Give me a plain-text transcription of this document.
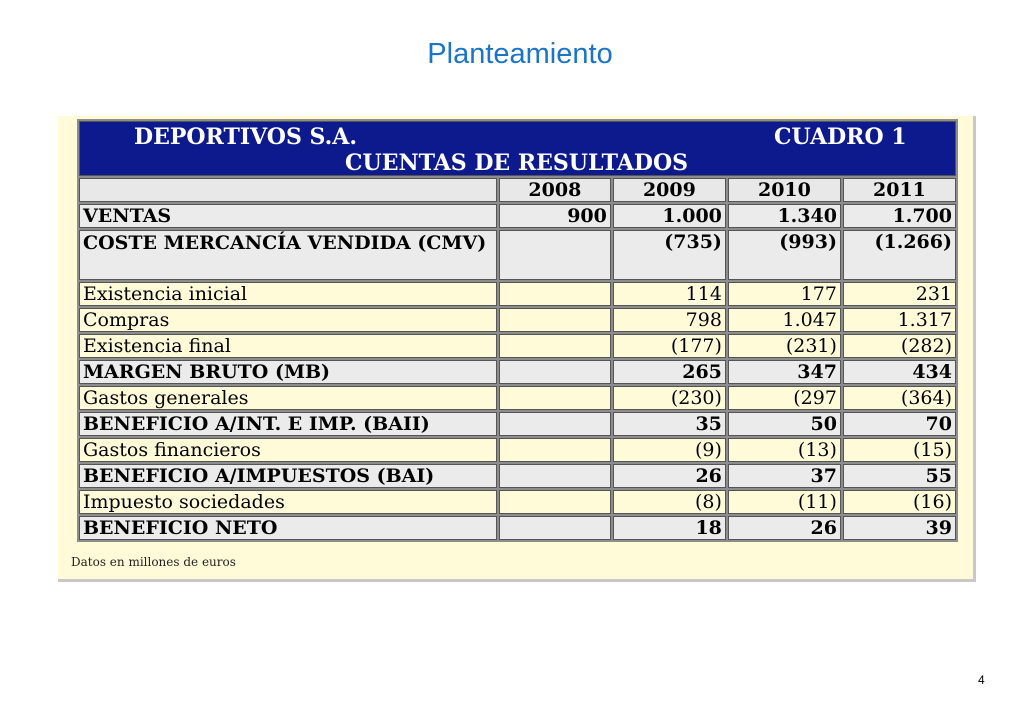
Planteamiento
DEPORTIVOS S.A. CUADRO 1
CUENTAS DE RESULTADOS				

	2008	2009	2010	2011
VENTAS	900	1.000	1.340	1.700
COSTE MERCANCÍA VENDIDA (CMV)		(735)	(993)	(1.266)
Existencia inicial		114	177	231
Compras		798	1.047	1.317
Existencia final		(177)	(231)	(282)
MARGEN BRUTO (MB)		265	347	434
Gastos generales		(230)	(297	(364)
BENEFICIO A/INT. E IMP. (BAII)		35	50	70
Gastos financieros		(9)	(13)	(15)
BENEFICIO A/IMPUESTOS (BAI)		26	37	55
Impuesto sociedades		(8)	(11)	(16)
BENEFICIO NETO		18	26	39
Datos en millones de euros
4
